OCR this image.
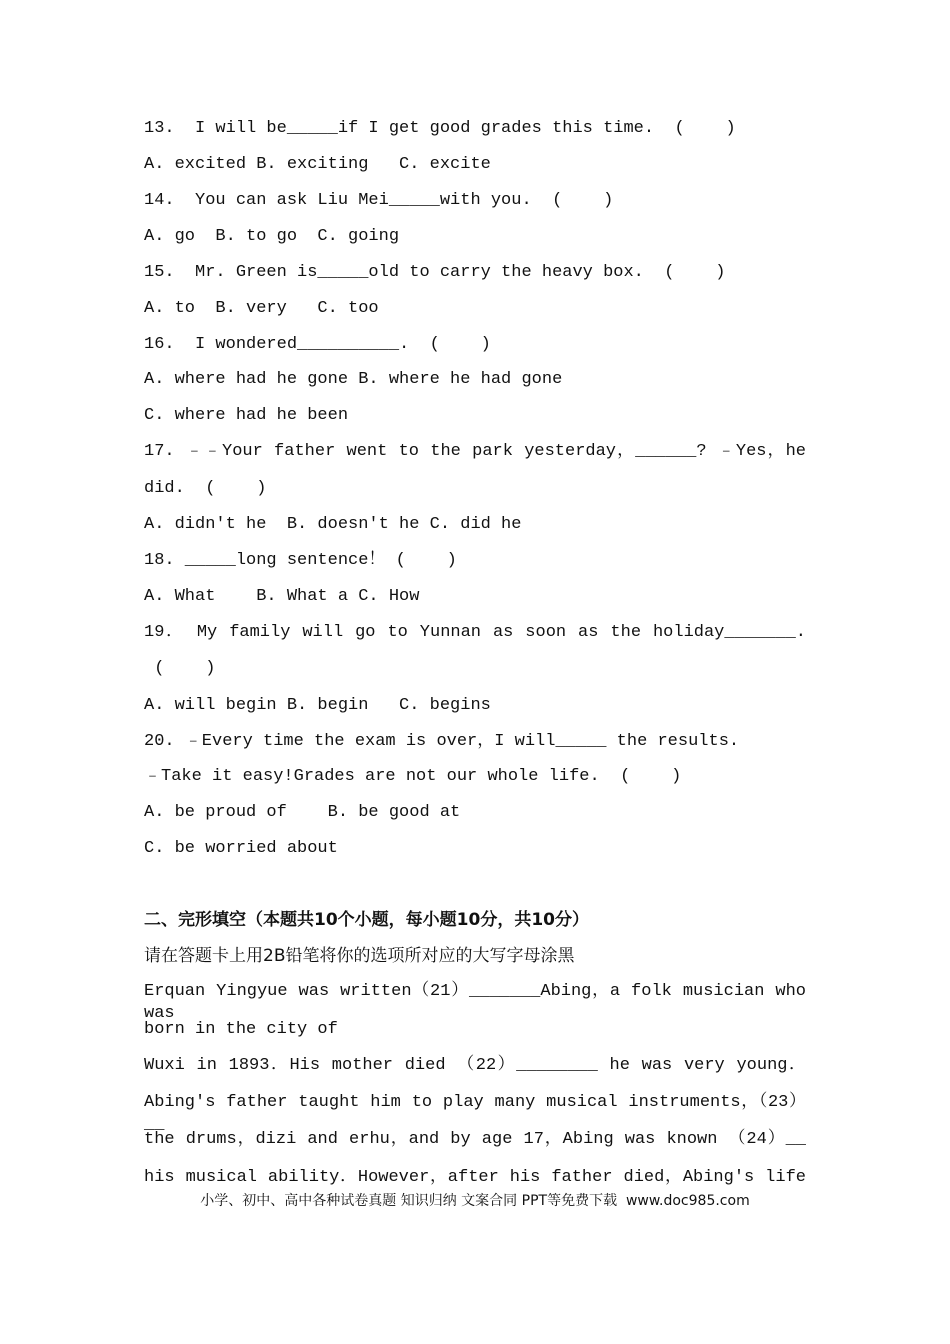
13.  I will be_____if I get good grades this time.  (    )
A. excited B. exciting   C. excite
14.  You can ask Liu Mei_____with you.  (    )
A. go  B. to go  C. going
15.  Mr. Green is_____old to carry the heavy box.  (    )
A. to  B. very   C. too
16.  I wondered__________.  (    )
A. where had he gone B. where he had gone
C. where had he been
17. ﹣﹣Your father went to the park yesterday，______? ﹣Yes，he
did.  (    )
A. didn't he  B. doesn't he C. did he
18. _____long sentence！ (    )
A. What    B. What a C. How
19． My family will go to Yunnan as soon as the holiday_______.
(    )
A. will begin B. begin   C. begins
20. ﹣Every time the exam is over，I will_____ the results.
﹣Take it easy!Grades are not our whole life.  (    )
A. be proud of    B. be good at
C. be worried about
二、完形填空（本题共10个小题，每小题10分，共10分）
请在答题卡上用2B铅笔将你的选项所对应的大写字母涂黑
Erquan Yingyue was written（21）_______Abing，a folk musician who was
born in the city of
Wuxi in 1893．His mother died （22）________ he was very young．
Abing's father taught him to play many musical instruments，（23）__
the drums，dizi and erhu，and by age 17，Abing was known （24）__
his musical ability．However，after his father died，Abing's life
小学、初中、高中各种试卷真题 知识归纳 文案合同 PPT等免费下载  www.doc985.com
